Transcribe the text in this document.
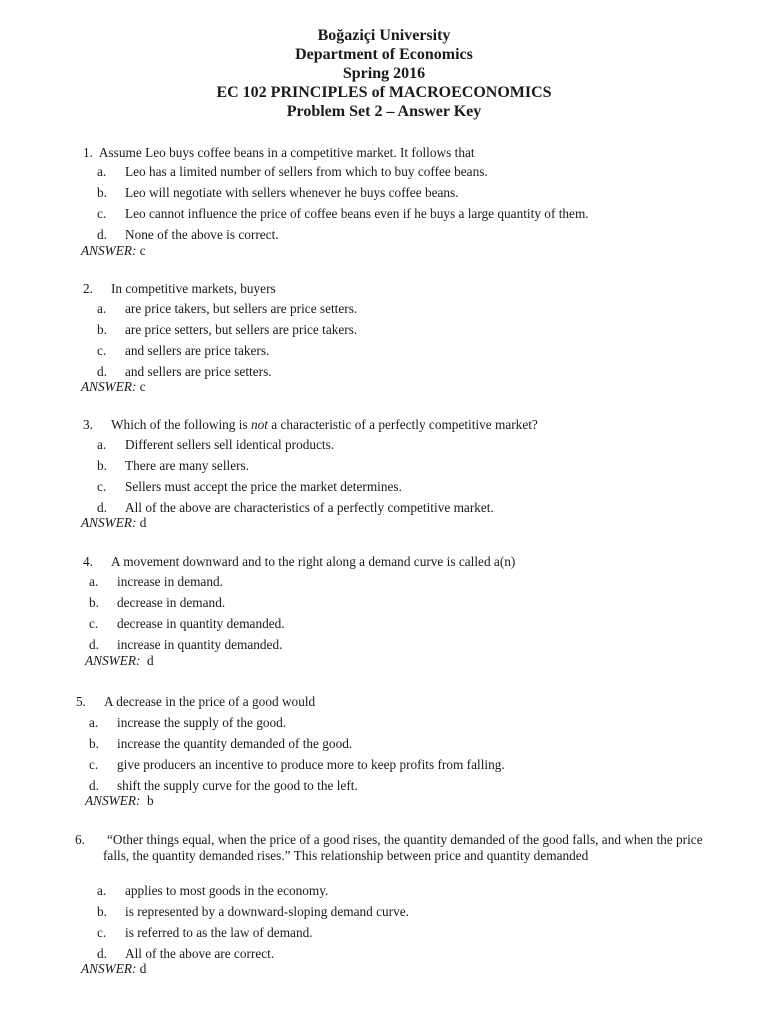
Boğaziçi University
Department of Economics
Spring 2016
EC 102 PRINCIPLES of MACROECONOMICS
Problem Set 2 – Answer Key
1. Assume Leo buys coffee beans in a competitive market. It follows that
a. Leo has a limited number of sellers from which to buy coffee beans.
b. Leo will negotiate with sellers whenever he buys coffee beans.
c. Leo cannot influence the price of coffee beans even if he buys a large quantity of them.
d. None of the above is correct.
ANSWER: c
2. In competitive markets, buyers
a. are price takers, but sellers are price setters.
b. are price setters, but sellers are price takers.
c. and sellers are price takers.
d. and sellers are price setters.
ANSWER: c
3. Which of the following is not a characteristic of a perfectly competitive market?
a. Different sellers sell identical products.
b. There are many sellers.
c. Sellers must accept the price the market determines.
d. All of the above are characteristics of a perfectly competitive market.
ANSWER: d
4. A movement downward and to the right along a demand curve is called a(n)
a. increase in demand.
b. decrease in demand.
c. decrease in quantity demanded.
d. increase in quantity demanded.
ANSWER: d
5. A decrease in the price of a good would
a. increase the supply of the good.
b. increase the quantity demanded of the good.
c. give producers an incentive to produce more to keep profits from falling.
d. shift the supply curve for the good to the left.
ANSWER: b
6.	“Other things equal, when the price of a good rises, the quantity demanded of the good falls, and when the price falls, the quantity demanded rises.” This relationship between price and quantity demanded
a. applies to most goods in the economy.
b. is represented by a downward-sloping demand curve.
c. is referred to as the law of demand.
d. All of the above are correct.
ANSWER: d
